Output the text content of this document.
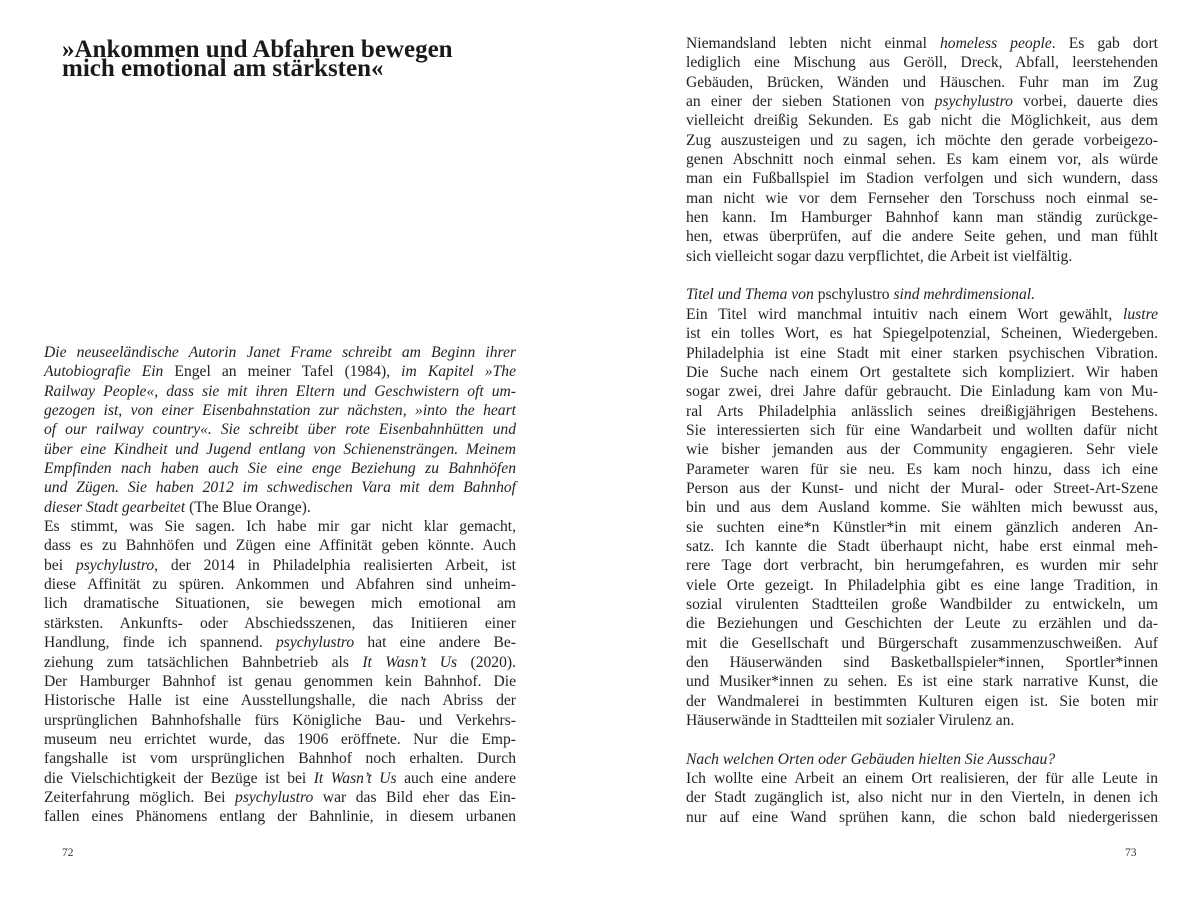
»Ankommen und Abfahren bewegen
mich emotional am stärksten«
Die neuseeländische Autorin Janet Frame schreibt am Beginn ihrer
Autobiografie Ein Engel an meiner Tafel (1984), im Kapitel »The
Railway People«, dass sie mit ihren Eltern und Geschwistern oft um-
gezogen ist, von einer Eisenbahnstation zur nächsten, »into the heart
of our railway country«. Sie schreibt über rote Eisenbahnhütten und
über eine Kindheit und Jugend entlang von Schienensträngen. Meinem
Empfinden nach haben auch Sie eine enge Beziehung zu Bahnhöfen
und Zügen. Sie haben 2012 im schwedischen Vara mit dem Bahnhof
dieser Stadt gearbeitet (The Blue Orange).
Es stimmt, was Sie sagen. Ich habe mir gar nicht klar gemacht,
dass es zu Bahnhöfen und Zügen eine Affinität geben könnte. Auch
bei psychylustro, der 2014 in Philadelphia realisierten Arbeit, ist
diese Affinität zu spüren. Ankommen und Abfahren sind unheim-
lich dramatische Situationen, sie bewegen mich emotional am
stärksten. Ankunfts- oder Abschiedsszenen, das Initiieren einer
Handlung, finde ich spannend. psychylustro hat eine andere Be-
ziehung zum tatsächlichen Bahnbetrieb als It Wasn’t Us (2020).
Der Hamburger Bahnhof ist genau genommen kein Bahnhof. Die
Historische Halle ist eine Ausstellungshalle, die nach Abriss der
ursprünglichen Bahnhofshalle fürs Königliche Bau- und Verkehrs-
museum neu errichtet wurde, das 1906 eröffnete. Nur die Emp-
fangshalle ist vom ursprünglichen Bahnhof noch erhalten. Durch
die Vielschichtigkeit der Bezüge ist bei It Wasn’t Us auch eine andere
Zeiterfahrung möglich. Bei psychylustro war das Bild eher das Ein-
fallen eines Phänomens entlang der Bahnlinie, in diesem urbanen
72
Niemandsland lebten nicht einmal homeless people. Es gab dort
lediglich eine Mischung aus Geröll, Dreck, Abfall, leerstehenden
Gebäuden, Brücken, Wänden und Häuschen. Fuhr man im Zug
an einer der sieben Stationen von psychylustro vorbei, dauerte dies
vielleicht dreißig Sekunden. Es gab nicht die Möglichkeit, aus dem
Zug auszusteigen und zu sagen, ich möchte den gerade vorbeigezo-
genen Abschnitt noch einmal sehen. Es kam einem vor, als würde
man ein Fußballspiel im Stadion verfolgen und sich wundern, dass
man nicht wie vor dem Fernseher den Torschuss noch einmal se-
hen kann. Im Hamburger Bahnhof kann man ständig zurückge-
hen, etwas überprüfen, auf die andere Seite gehen, und man fühlt
sich vielleicht sogar dazu verpflichtet, die Arbeit ist vielfältig.
Titel und Thema von pschylustro sind mehrdimensional.
Ein Titel wird manchmal intuitiv nach einem Wort gewählt, lustre
ist ein tolles Wort, es hat Spiegelpotenzial, Scheinen, Wiedergeben.
Philadelphia ist eine Stadt mit einer starken psychischen Vibration.
Die Suche nach einem Ort gestaltete sich kompliziert. Wir haben
sogar zwei, drei Jahre dafür gebraucht. Die Einladung kam von Mu-
ral Arts Philadelphia anlässlich seines dreißigjährigen Bestehens.
Sie interessierten sich für eine Wandarbeit und wollten dafür nicht
wie bisher jemanden aus der Community engagieren. Sehr viele
Parameter waren für sie neu. Es kam noch hinzu, dass ich eine
Person aus der Kunst- und nicht der Mural- oder Street-Art-Szene
bin und aus dem Ausland komme. Sie wählten mich bewusst aus,
sie suchten eine*n Künstler*in mit einem gänzlich anderen An-
satz. Ich kannte die Stadt überhaupt nicht, habe erst einmal meh-
rere Tage dort verbracht, bin herumgefahren, es wurden mir sehr
viele Orte gezeigt. In Philadelphia gibt es eine lange Tradition, in
sozial virulenten Stadtteilen große Wandbilder zu entwickeln, um
die Beziehungen und Geschichten der Leute zu erzählen und da-
mit die Gesellschaft und Bürgerschaft zusammenzuschweißen. Auf
den Häuserwänden sind Basketballspieler*innen, Sportler*innen
und Musiker*innen zu sehen. Es ist eine stark narrative Kunst, die
der Wandmalerei in bestimmten Kulturen eigen ist. Sie boten mir
Häuserwände in Stadtteilen mit sozialer Virulenz an.
Nach welchen Orten oder Gebäuden hielten Sie Ausschau?
Ich wollte eine Arbeit an einem Ort realisieren, der für alle Leute in
der Stadt zugänglich ist, also nicht nur in den Vierteln, in denen ich
nur auf eine Wand sprühen kann, die schon bald niedergerissen
73
